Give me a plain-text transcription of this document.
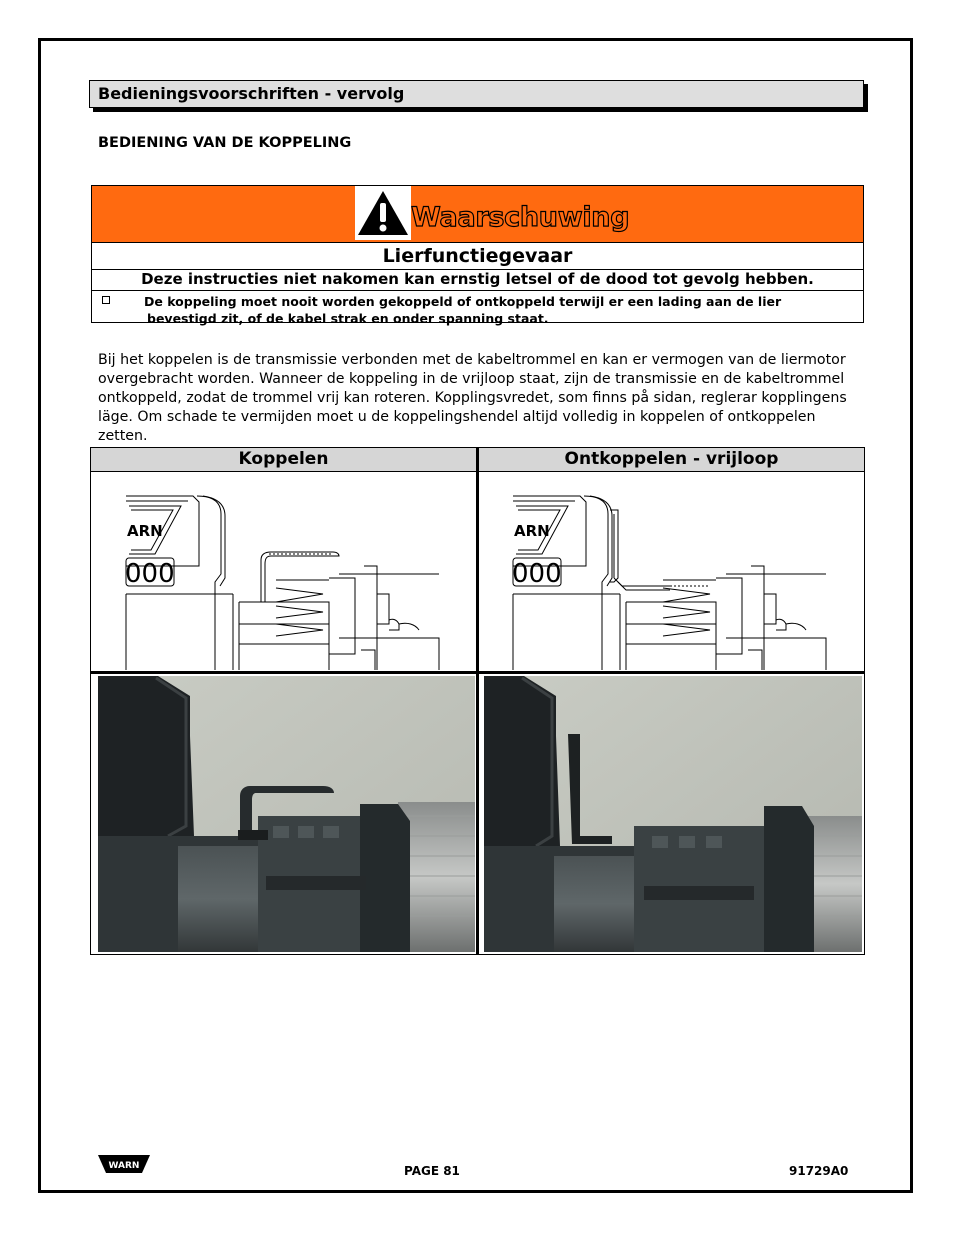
Bedieningsvoorschriften - vervolg
BEDIENING VAN DE KOPPELING
Waarschuwing
Lierfunctiegevaar
Deze instructies niet nakomen kan ernstig letsel of de dood tot gevolg hebben.
De koppeling moet nooit worden gekoppeld of ontkoppeld terwijl er een lading aan de lier
bevestigd zit, of de kabel strak en onder spanning staat.
Bij het koppelen is de transmissie verbonden met de kabeltrommel en kan er vermogen van de liermotor
overgebracht worden. Wanneer de koppeling in de vrijloop staat, zijn de transmissie en de kabeltrommel
ontkoppeld, zodat de trommel vrij kan roteren. Kopplingsvredet, som finns på sidan, reglerar kopplingens
läge. Om schade te vermijden moet u de koppelingshendel altijd volledig in koppelen of ontkoppelen zetten.
Koppelen	Ontkoppelen - vrijloop
ARN
000
ARN
000
WARN	PAGE 81	91729A0
